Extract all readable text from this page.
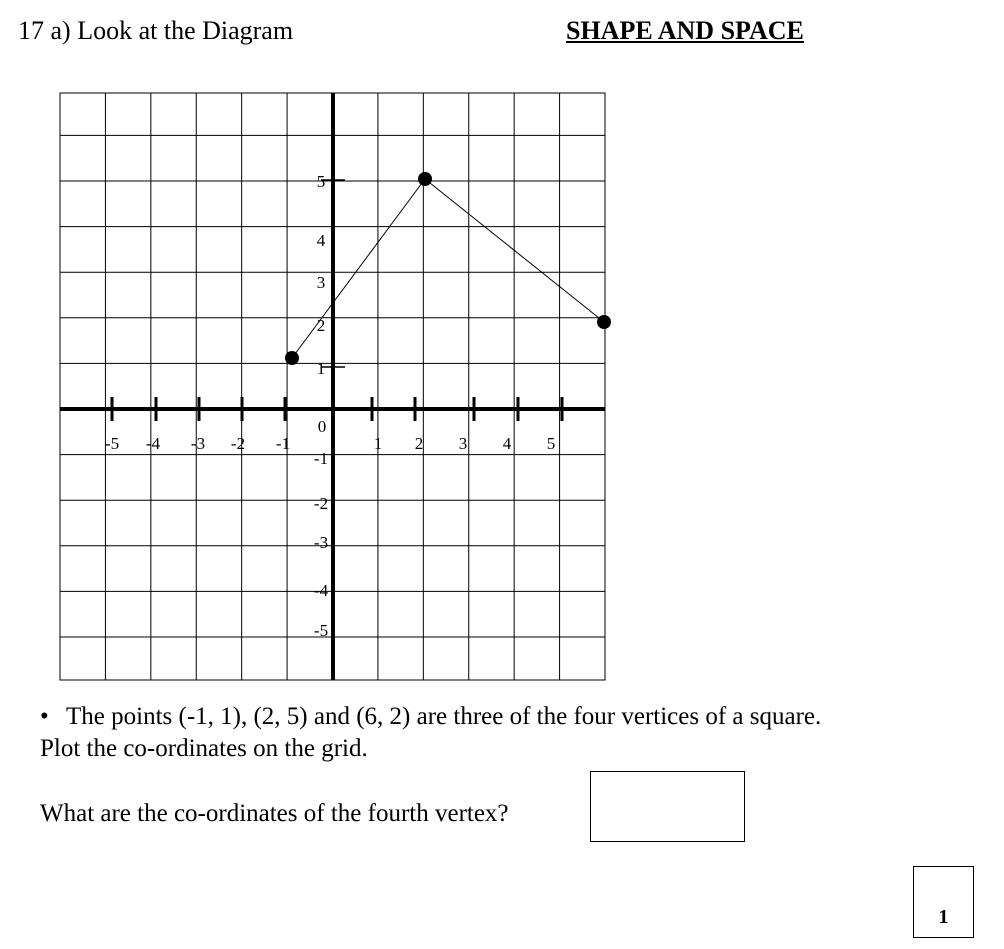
17 a) Look at the Diagram	SHAPE AND SPACE
-5 -4 -3 -2 -1
0
1 2 3 4 5
5
4
3
2
1
-1
-2
-3
-4
-5
• The points (-1, 1), (2, 5) and (6, 2) are three of the four vertices of a square.
Plot the co-ordinates on the grid.
What are the co-ordinates of the fourth vertex?
1
